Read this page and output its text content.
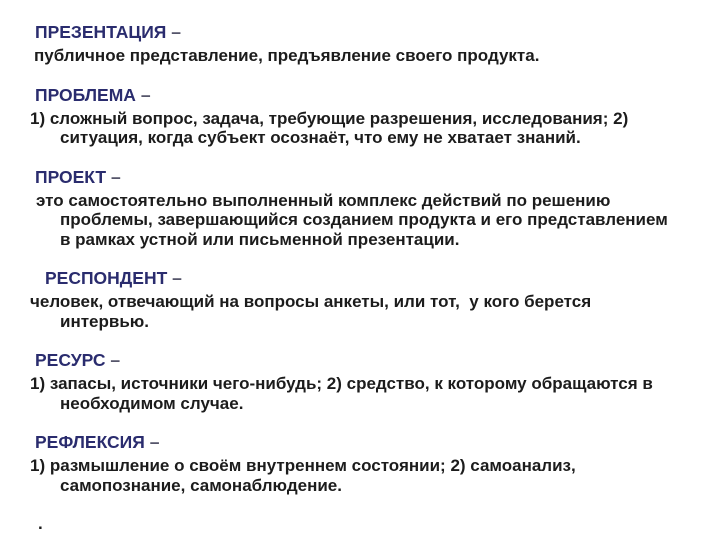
ПРЕЗЕНТАЦИЯ –
публичное представление, предъявление своего продукта.
ПРОБЛЕМА –
1) сложный вопрос, задача, требующие разрешения, исследования; 2)
ситуация, когда субъект осознаёт, что ему не хватает знаний.
ПРОЕКТ –
это самостоятельно выполненный комплекс действий по решению
проблемы, завершающийся созданием продукта и его представлением
в рамках устной или письменной презентации.
РЕСПОНДЕНТ –
человек, отвечающий на вопросы анкеты, или тот,  у кого берется
интервью.
РЕСУРС –
1) запасы, источники чего-нибудь; 2) средство, к которому обращаются в
необходимом случае.
РЕФЛЕКСИЯ –
1) размышление о своём внутреннем состоянии; 2) самоанализ,
самопознание, самонаблюдение.
.
